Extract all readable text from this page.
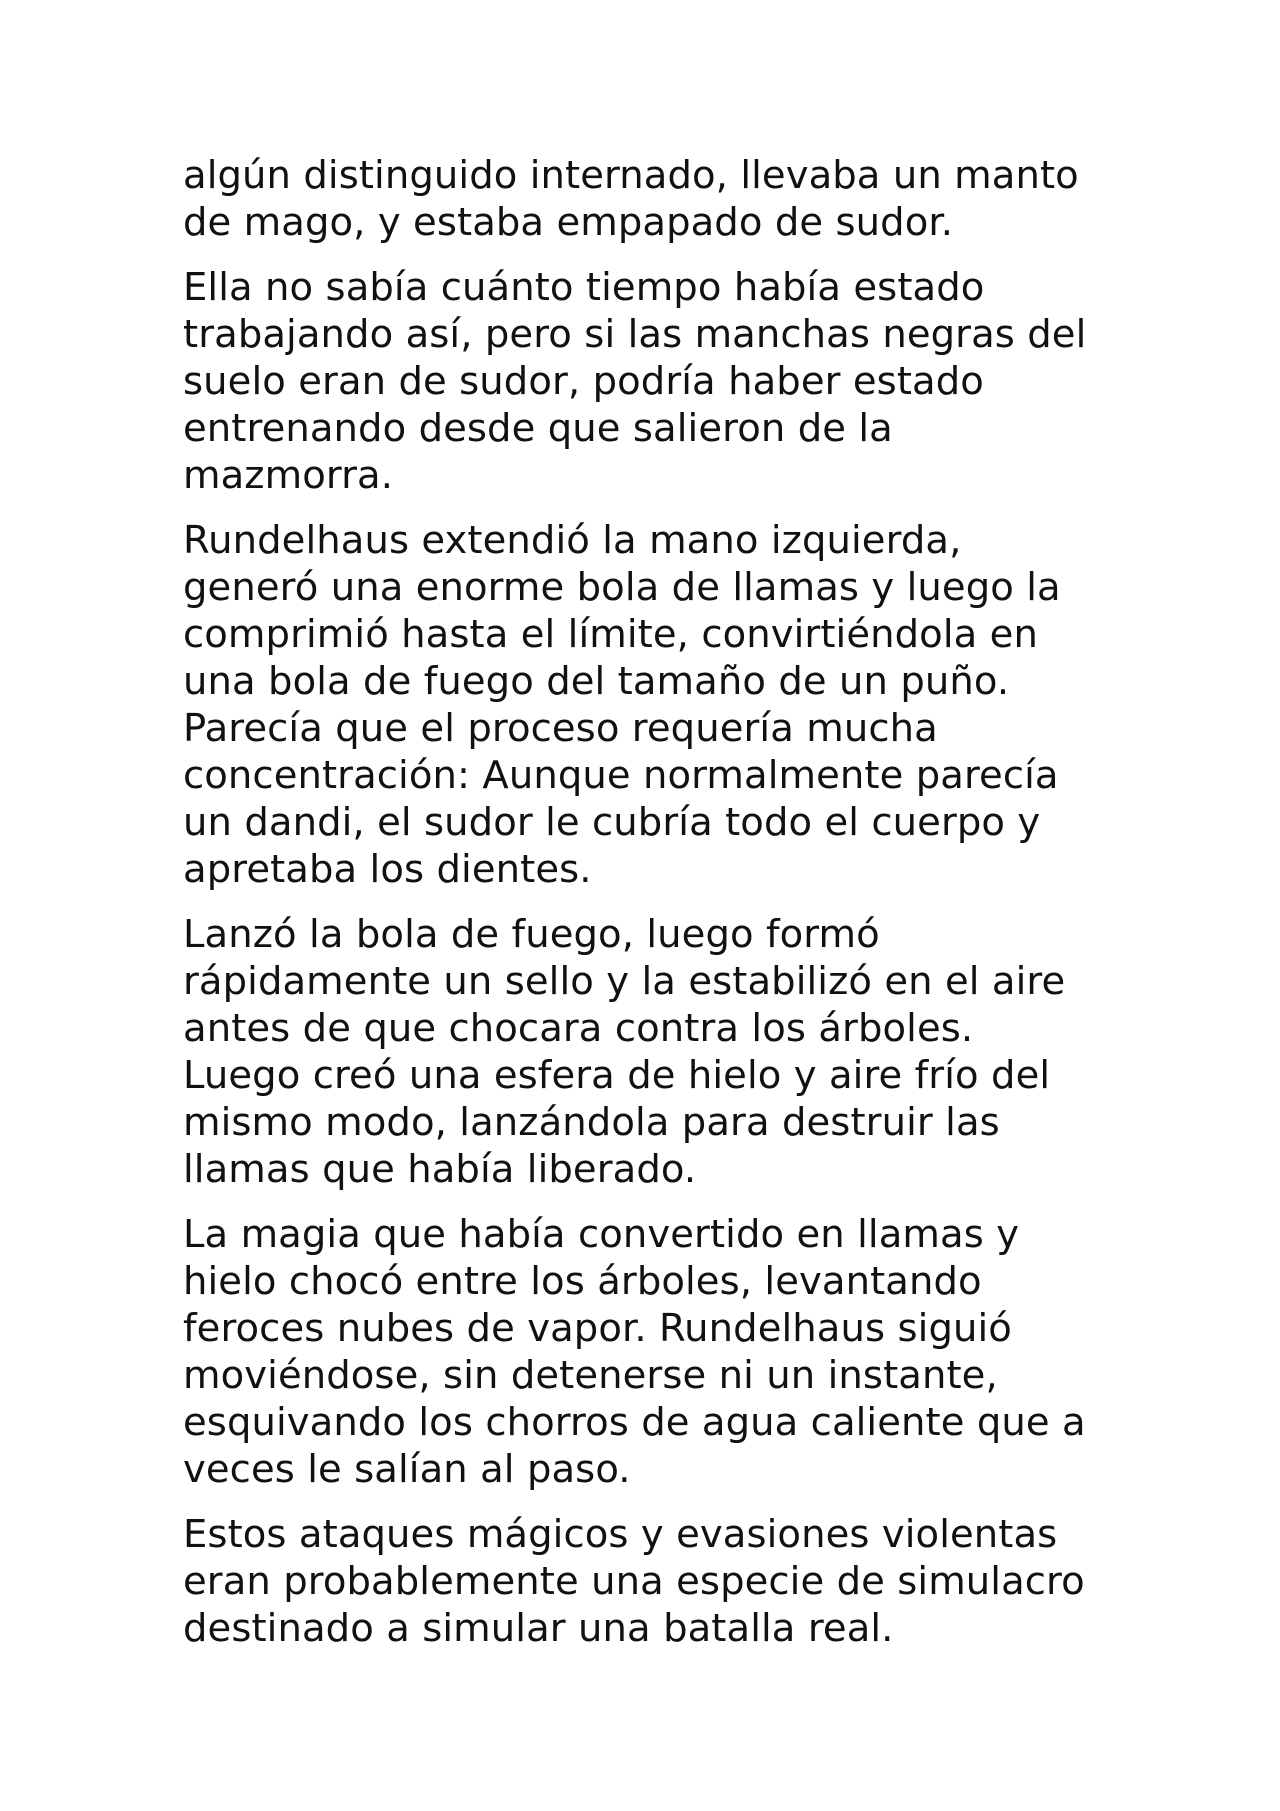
algún distinguido internado, llevaba un manto
de mago, y estaba empapado de sudor.

Ella no sabía cuánto tiempo había estado
trabajando así, pero si las manchas negras del
suelo eran de sudor, podría haber estado
entrenando desde que salieron de la
mazmorra.

Rundelhaus extendió la mano izquierda,
generó una enorme bola de llamas y luego la
comprimió hasta el límite, convirtiéndola en
una bola de fuego del tamaño de un puño.
Parecía que el proceso requería mucha
concentración: Aunque normalmente parecía
un dandi, el sudor le cubría todo el cuerpo y
apretaba los dientes.

Lanzó la bola de fuego, luego formó
rápidamente un sello y la estabilizó en el aire
antes de que chocara contra los árboles.
Luego creó una esfera de hielo y aire frío del
mismo modo, lanzándola para destruir las
llamas que había liberado.

La magia que había convertido en llamas y
hielo chocó entre los árboles, levantando
feroces nubes de vapor. Rundelhaus siguió
moviéndose, sin detenerse ni un instante,
esquivando los chorros de agua caliente que a
veces le salían al paso.

Estos ataques mágicos y evasiones violentas
eran probablemente una especie de simulacro
destinado a simular una batalla real.
